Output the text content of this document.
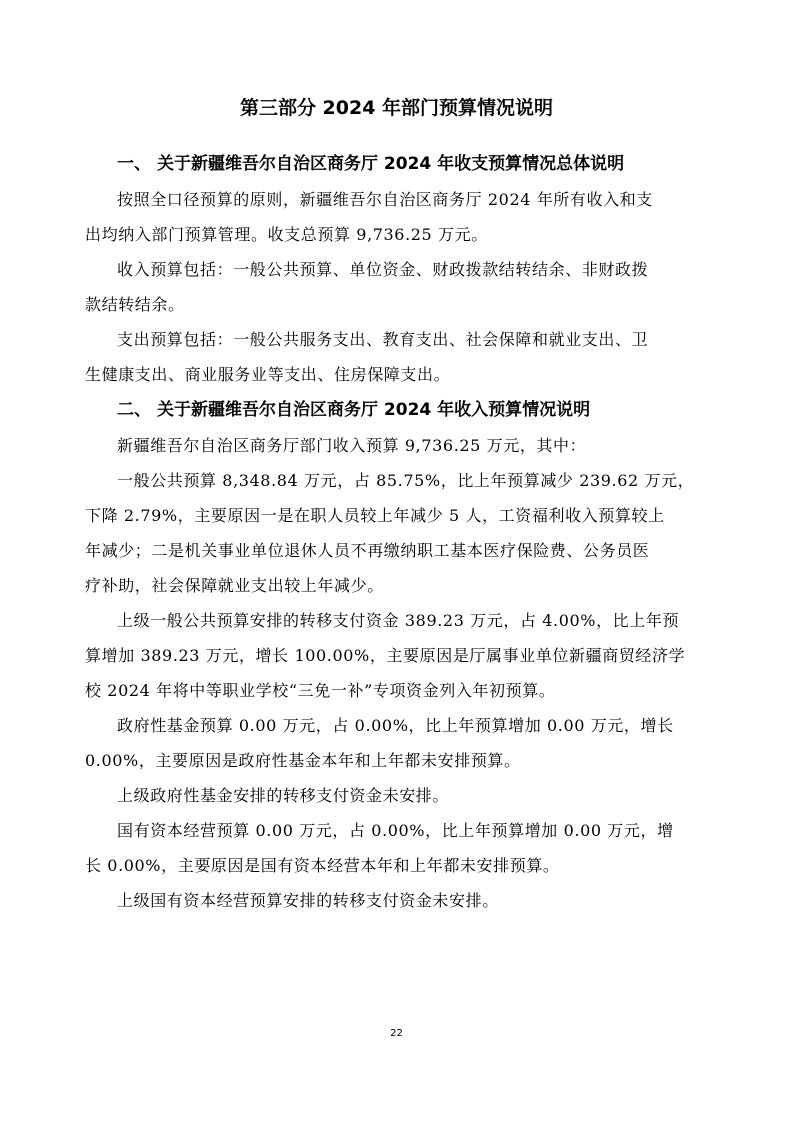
第三部分 2024 年部门预算情况说明
一、 关于新疆维吾尔自治区商务厅 2024 年收支预算情况总体说明
按照全口径预算的原则，新疆维吾尔自治区商务厅 2024 年所有收入和支
出均纳入部门预算管理。收支总预算 9,736.25 万元。
收入预算包括：一般公共预算、单位资金、财政拨款结转结余、非财政拨
款结转结余。
支出预算包括：一般公共服务支出、教育支出、社会保障和就业支出、卫
生健康支出、商业服务业等支出、住房保障支出。
二、 关于新疆维吾尔自治区商务厅 2024 年收入预算情况说明
新疆维吾尔自治区商务厅部门收入预算 9,736.25 万元，其中：
一般公共预算 8,348.84 万元，占 85.75%，比上年预算减少 239.62 万元，
下降 2.79%，主要原因一是在职人员较上年减少 5 人，工资福利收入预算较上
年减少；二是机关事业单位退休人员不再缴纳职工基本医疗保险费、公务员医
疗补助，社会保障就业支出较上年减少。
上级一般公共预算安排的转移支付资金 389.23 万元，占 4.00%，比上年预
算增加 389.23 万元，增长 100.00%，主要原因是厅属事业单位新疆商贸经济学
校 2024 年将中等职业学校“三免一补”专项资金列入年初预算。
政府性基金预算 0.00 万元，占 0.00%，比上年预算增加 0.00 万元，增长
0.00%，主要原因是政府性基金本年和上年都未安排预算。
上级政府性基金安排的转移支付资金未安排。
国有资本经营预算 0.00 万元，占 0.00%，比上年预算增加 0.00 万元，增
长 0.00%，主要原因是国有资本经营本年和上年都未安排预算。
上级国有资本经营预算安排的转移支付资金未安排。
22
